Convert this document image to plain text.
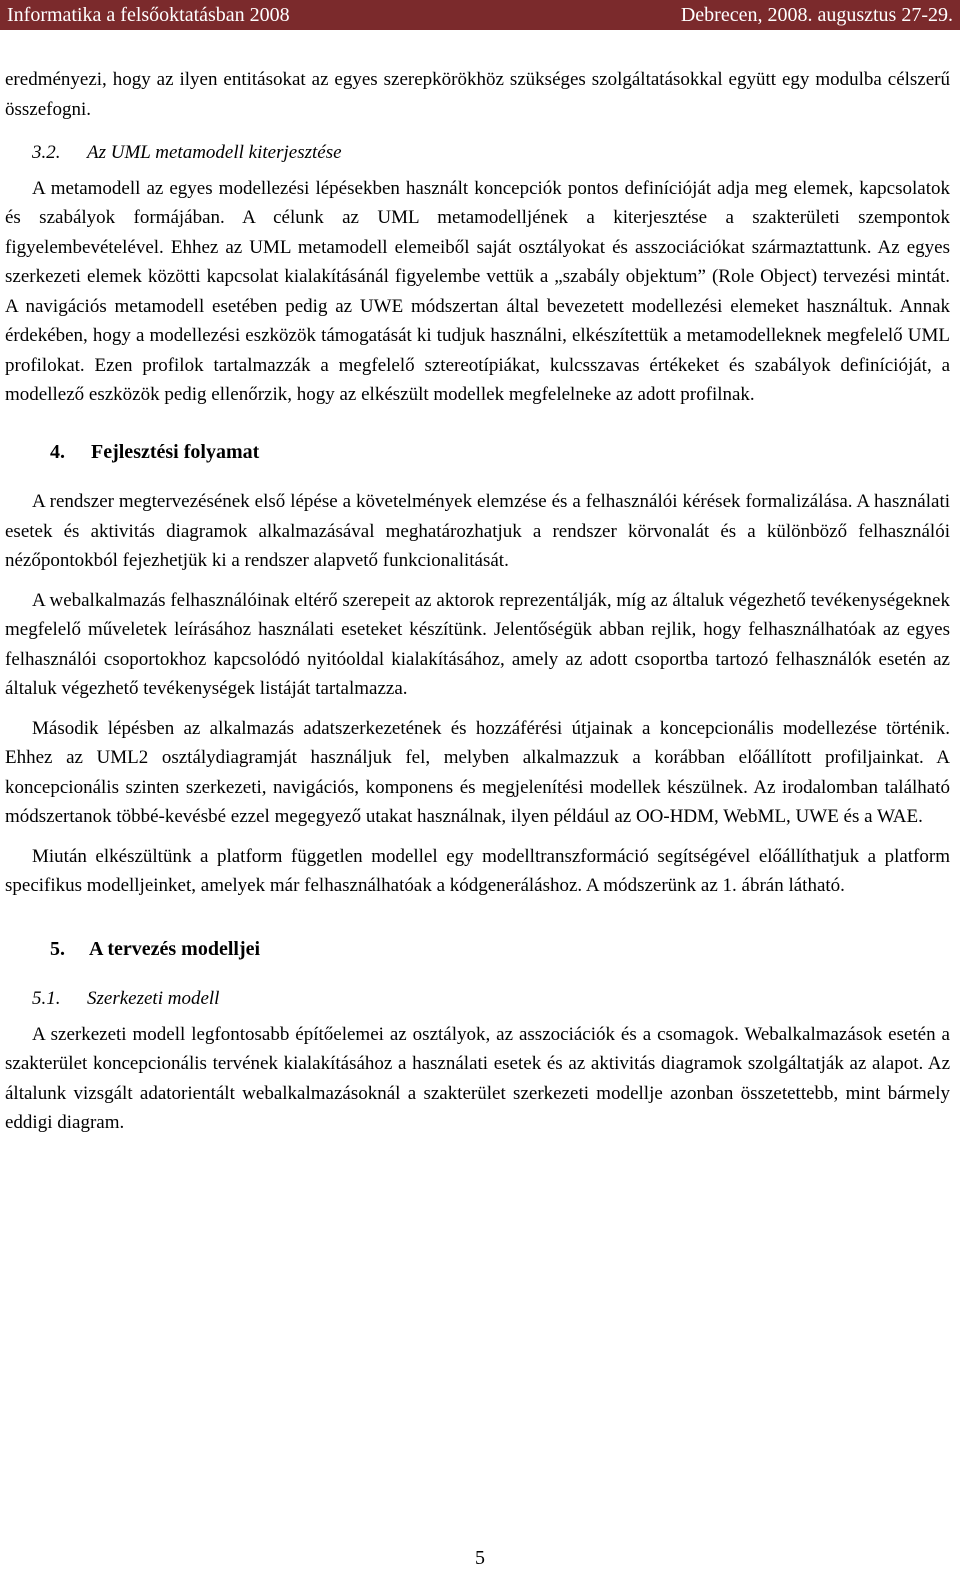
Informatika a felsőoktatásban 2008	Debrecen, 2008. augusztus 27-29.

eredményezi, hogy az ilyen entitásokat az egyes szerepkörökhöz szükséges szolgáltatásokkal együtt egy modulba célszerű összefogni.

3.2. Az UML metamodell kiterjesztése

A metamodell az egyes modellezési lépésekben használt koncepciók pontos definícióját adja meg elemek, kapcsolatok és szabályok formájában. A célunk az UML metamodelljének a kiterjesztése a szakterületi szempontok figyelembevételével. Ehhez az UML metamodell elemeiből saját osztályokat és asszociációkat származtattunk. Az egyes szerkezeti elemek közötti kapcsolat kialakításánál figyelembe vettük a „szabály objektum” (Role Object) tervezési mintát. A navigációs metamodell esetében pedig az UWE módszertan által bevezetett modellezési elemeket használtuk. Annak érdekében, hogy a modellezési eszközök támogatását ki tudjuk használni, elkészítettük a metamodelleknek megfelelő UML profilokat. Ezen profilok tartalmazzák a megfelelő sztereotípiákat, kulcsszavas értékeket és szabályok definícióját, a modellező eszközök pedig ellenőrzik, hogy az elkészült modellek megfelelneke az adott profilnak.

4. Fejlesztési folyamat

A rendszer megtervezésének első lépése a követelmények elemzése és a felhasználói kérések formalizálása. A használati esetek és aktivitás diagramok alkalmazásával meghatározhatjuk a rendszer körvonalát és a különböző felhasználói nézőpontokból fejezhetjük ki a rendszer alapvető funkcionalitását.

A webalkalmazás felhasználóinak eltérő szerepeit az aktorok reprezentálják, míg az általuk végezhető tevékenységeknek megfelelő műveletek leírásához használati eseteket készítünk. Jelentőségük abban rejlik, hogy felhasználhatóak az egyes felhasználói csoportokhoz kapcsolódó nyitóoldal kialakításához, amely az adott csoportba tartozó felhasználók esetén az általuk végezhető tevékenységek listáját tartalmazza.

Második lépésben az alkalmazás adatszerkezetének és hozzáférési útjainak a koncepcionális modellezése történik. Ehhez az UML2 osztálydiagramját használjuk fel, melyben alkalmazzuk a korábban előállított profiljainkat. A koncepcionális szinten szerkezeti, navigációs, komponens és megjelenítési modellek készülnek. Az irodalomban található módszertanok többé-kevésbé ezzel megegyező utakat használnak, ilyen például az OO-HDM, WebML, UWE és a WAE.

Miután elkészültünk a platform független modellel egy modelltranszformáció segítségével előállíthatjuk a platform specifikus modelljeinket, amelyek már felhasználhatóak a kódgeneráláshoz. A módszerünk az 1. ábrán látható.

5. A tervezés modelljei
5.1. Szerkezeti modell

A szerkezeti modell legfontosabb építőelemei az osztályok, az asszociációk és a csomagok. Webalkalmazások esetén a szakterület koncepcionális tervének kialakításához a használati esetek és az aktivitás diagramok szolgáltatják az alapot. Az általunk vizsgált adatorientált webalkalmazásoknál a szakterület szerkezeti modellje azonban összetettebb, mint bármely eddigi diagram.

5
